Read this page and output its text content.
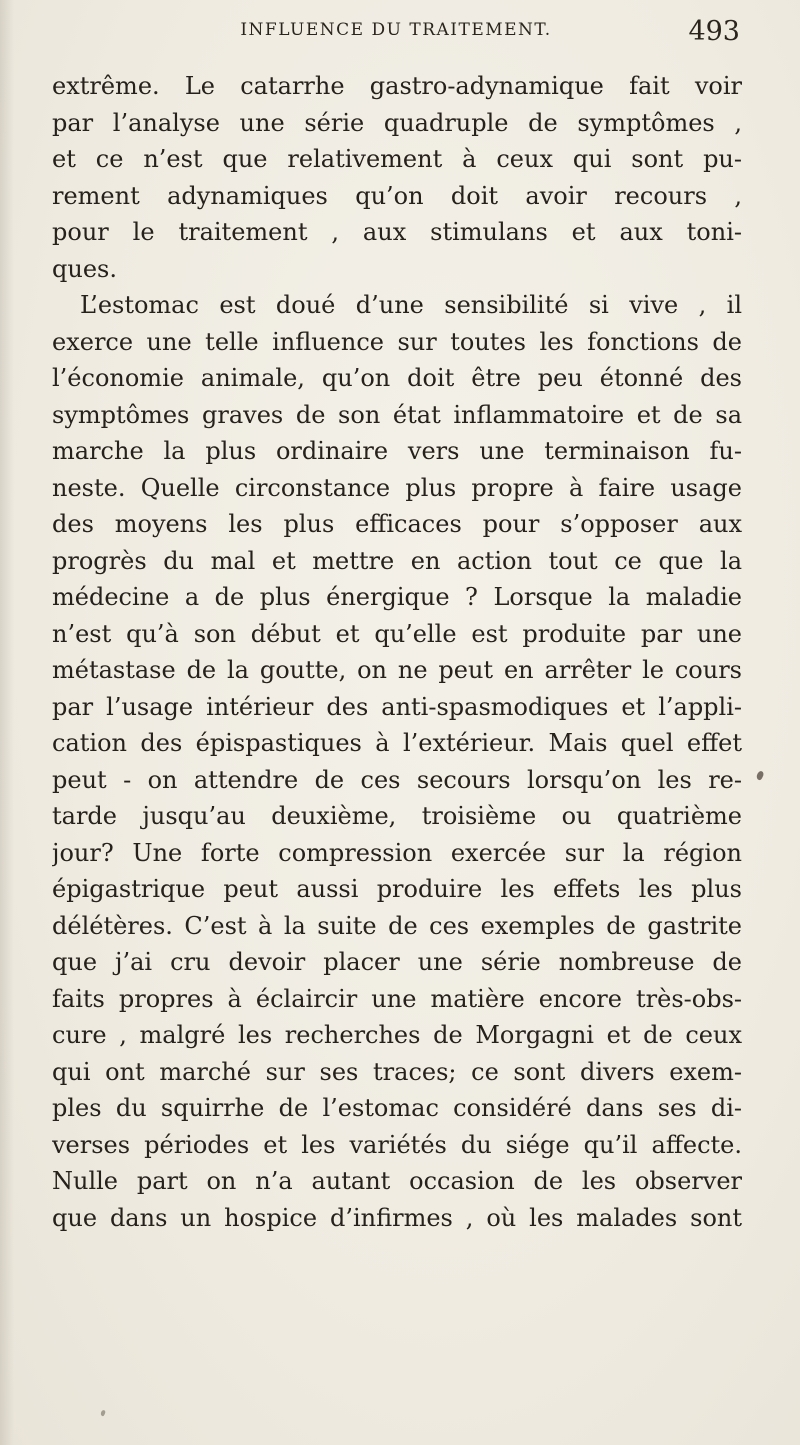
INFLUENCE DU TRAITEMENT.	493
extrême. Le catarrhe gastro-adynamique fait voir
par l’analyse une série quadruple de symptômes ,
et ce n’est que relativement à ceux qui sont pu-
rement adynamiques qu’on doit avoir recours ,
pour le traitement , aux stimulans et aux toni-
ques.
L’estomac est doué d’une sensibilité si vive , il
exerce une telle influence sur toutes les fonctions de
l’économie animale, qu’on doit être peu étonné des
symptômes graves de son état inflammatoire et de sa
marche la plus ordinaire vers une terminaison fu-
neste. Quelle circonstance plus propre à faire usage
des moyens les plus efficaces pour s’opposer aux
progrès du mal et mettre en action tout ce que la
médecine a de plus énergique ? Lorsque la maladie
n’est qu’à son début et qu’elle est produite par une
métastase de la goutte, on ne peut en arrêter le cours
par l’usage intérieur des anti-spasmodiques et l’appli-
cation des épispastiques à l’extérieur. Mais quel effet
peut - on attendre de ces secours lorsqu’on les re-
tarde jusqu’au deuxième, troisième ou quatrième
jour? Une forte compression exercée sur la région
épigastrique peut aussi produire les effets les plus
délétères. C’est à la suite de ces exemples de gastrite
que j’ai cru devoir placer une série nombreuse de
faits propres à éclaircir une matière encore très-obs-
cure , malgré les recherches de Morgagni et de ceux
qui ont marché sur ses traces; ce sont divers exem-
ples du squirrhe de l’estomac considéré dans ses di-
verses périodes et les variétés du siége qu’il affecte.
Nulle part on n’a autant occasion de les observer
que dans un hospice d’infirmes , où les malades sont
